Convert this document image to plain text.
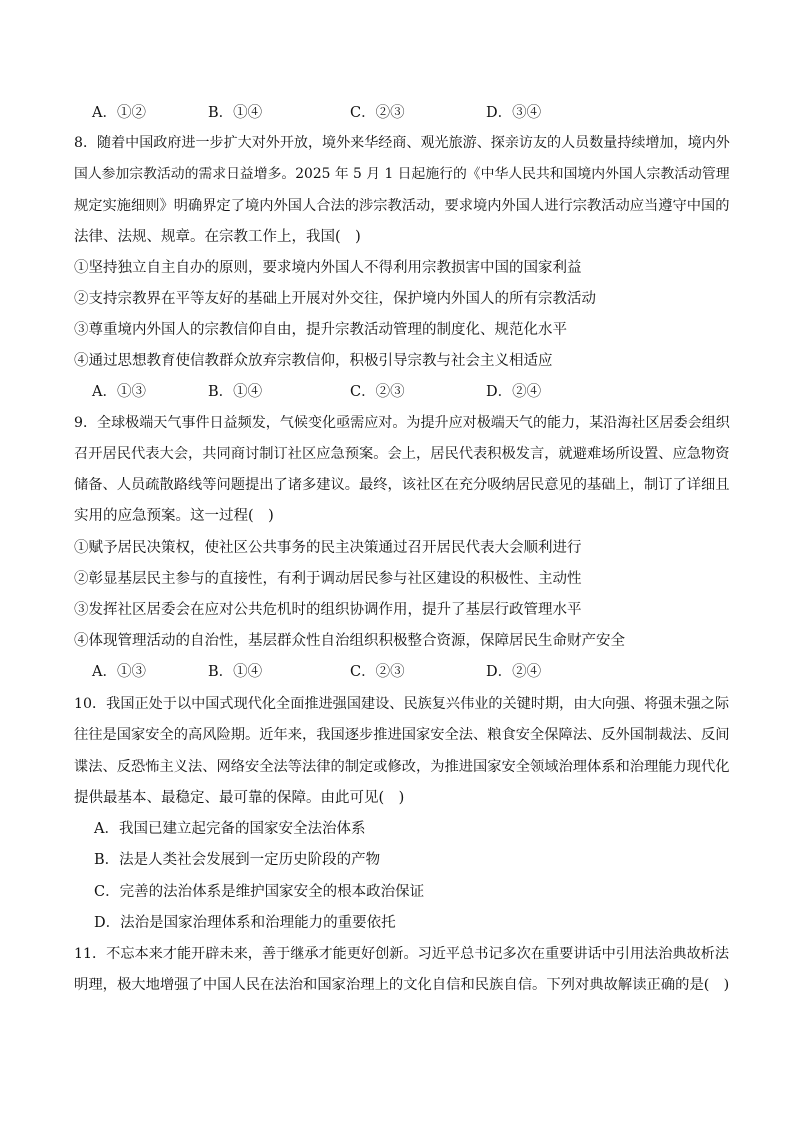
A．①②	B．①④	C．②③	D．③④
8．随着中国政府进一步扩大对外开放，境外来华经商、观光旅游、探亲访友的人员数量持续增加，境内外
国人参加宗教活动的需求日益增多。2025 年 5 月 1 日起施行的《中华人民共和国境内外国人宗教活动管理
规定实施细则》明确界定了境内外国人合法的涉宗教活动，要求境内外国人进行宗教活动应当遵守中国的
法律、法规、规章。在宗教工作上，我国(　)
①坚持独立自主自办的原则，要求境内外国人不得利用宗教损害中国的国家利益
②支持宗教界在平等友好的基础上开展对外交往，保护境内外国人的所有宗教活动
③尊重境内外国人的宗教信仰自由，提升宗教活动管理的制度化、规范化水平
④通过思想教育使信教群众放弃宗教信仰，积极引导宗教与社会主义相适应
A．①③	B．①④	C．②③	D．②④
9．全球极端天气事件日益频发，气候变化亟需应对。为提升应对极端天气的能力，某沿海社区居委会组织
召开居民代表大会，共同商讨制订社区应急预案。会上，居民代表积极发言，就避难场所设置、应急物资
储备、人员疏散路线等问题提出了诸多建议。最终，该社区在充分吸纳居民意见的基础上，制订了详细且
实用的应急预案。这一过程(　)
①赋予居民决策权，使社区公共事务的民主决策通过召开居民代表大会顺利进行
②彰显基层民主参与的直接性，有利于调动居民参与社区建设的积极性、主动性
③发挥社区居委会在应对公共危机时的组织协调作用，提升了基层行政管理水平
④体现管理活动的自治性，基层群众性自治组织积极整合资源，保障居民生命财产安全
A．①③	B．①④	C．②③	D．②④
10．我国正处于以中国式现代化全面推进强国建设、民族复兴伟业的关键时期，由大向强、将强未强之际
往往是国家安全的高风险期。近年来，我国逐步推进国家安全法、粮食安全保障法、反外国制裁法、反间
谍法、反恐怖主义法、网络安全法等法律的制定或修改，为推进国家安全领域治理体系和治理能力现代化
提供最基本、最稳定、最可靠的保障。由此可见(　)
A．我国已建立起完备的国家安全法治体系
B．法是人类社会发展到一定历史阶段的产物
C．完善的法治体系是维护国家安全的根本政治保证
D．法治是国家治理体系和治理能力的重要依托
11．不忘本来才能开辟未来，善于继承才能更好创新。习近平总书记多次在重要讲话中引用法治典故析法
明理，极大地增强了中国人民在法治和国家治理上的文化自信和民族自信。下列对典故解读正确的是(　)
